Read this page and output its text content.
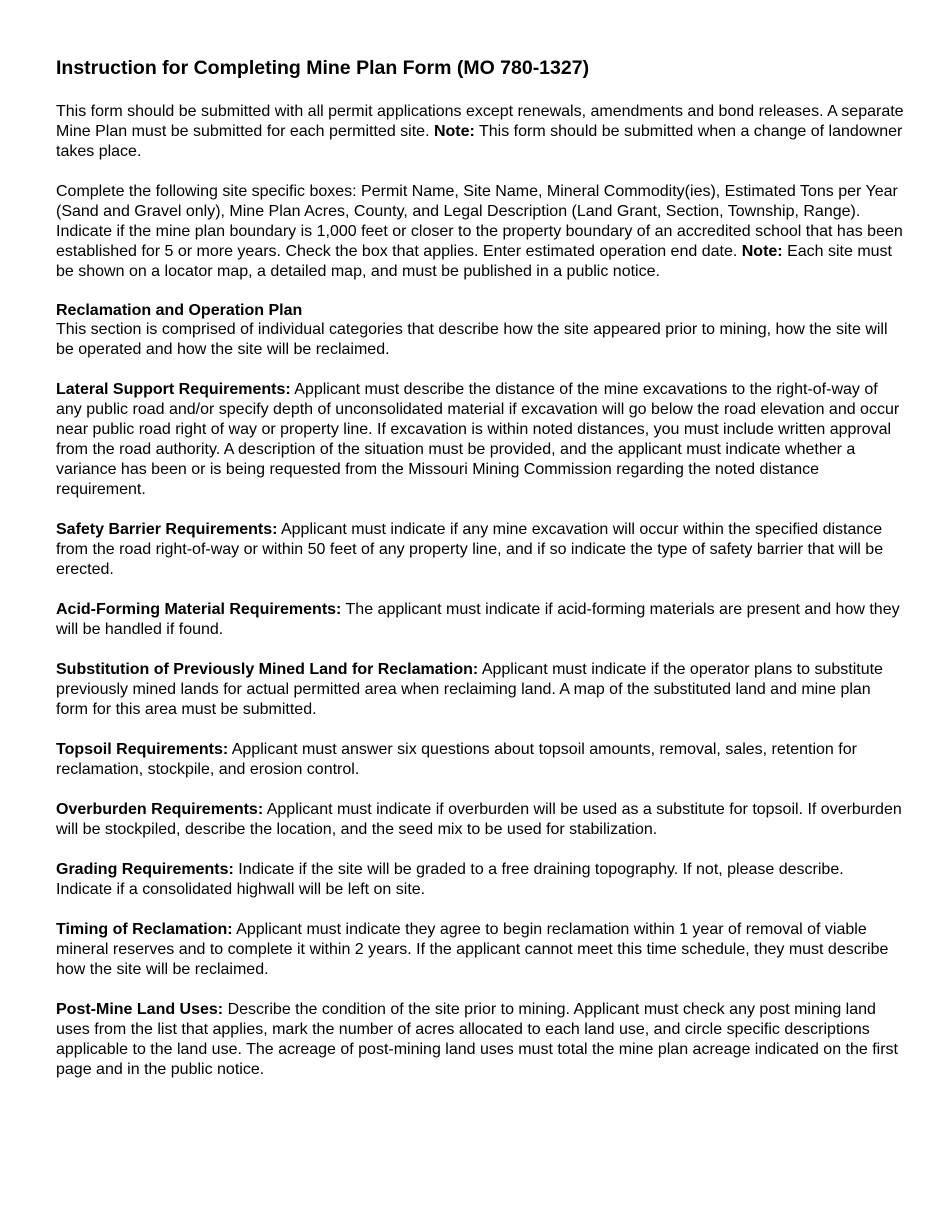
Instruction for Completing Mine Plan Form (MO 780-1327)

This form should be submitted with all permit applications except renewals, amendments and bond releases. A separate Mine Plan must be submitted for each permitted site. Note: This form should be submitted when a change of landowner takes place.

Complete the following site specific boxes: Permit Name, Site Name, Mineral Commodity(ies), Estimated Tons per Year (Sand and Gravel only), Mine Plan Acres, County, and Legal Description (Land Grant, Section, Township, Range). Indicate if the mine plan boundary is 1,000 feet or closer to the property boundary of an accredited school that has been established for 5 or more years. Check the box that applies. Enter estimated operation end date. Note: Each site must be shown on a locator map, a detailed map, and must be published in a public notice.

Reclamation and Operation Plan

This section is comprised of individual categories that describe how the site appeared prior to mining, how the site will be operated and how the site will be reclaimed.

Lateral Support Requirements: Applicant must describe the distance of the mine excavations to the right-of-way of any public road and/or specify depth of unconsolidated material if excavation will go below the road elevation and occur near public road right of way or property line. If excavation is within noted distances, you must include written approval from the road authority. A description of the situation must be provided, and the applicant must indicate whether a variance has been or is being requested from the Missouri Mining Commission regarding the noted distance requirement.

Safety Barrier Requirements: Applicant must indicate if any mine excavation will occur within the specified distance from the road right-of-way or within 50 feet of any property line, and if so indicate the type of safety barrier that will be erected.

Acid-Forming Material Requirements: The applicant must indicate if acid-forming materials are present and how they will be handled if found.

Substitution of Previously Mined Land for Reclamation: Applicant must indicate if the operator plans to substitute previously mined lands for actual permitted area when reclaiming land. A map of the substituted land and mine plan form for this area must be submitted.

Topsoil Requirements: Applicant must answer six questions about topsoil amounts, removal, sales, retention for reclamation, stockpile, and erosion control.

Overburden Requirements: Applicant must indicate if overburden will be used as a substitute for topsoil. If overburden will be stockpiled, describe the location, and the seed mix to be used for stabilization.

Grading Requirements: Indicate if the site will be graded to a free draining topography. If not, please describe. Indicate if a consolidated highwall will be left on site.

Timing of Reclamation: Applicant must indicate they agree to begin reclamation within 1 year of removal of viable mineral reserves and to complete it within 2 years. If the applicant cannot meet this time schedule, they must describe how the site will be reclaimed.

Post-Mine Land Uses: Describe the condition of the site prior to mining. Applicant must check any post mining land uses from the list that applies, mark the number of acres allocated to each land use, and circle specific descriptions applicable to the land use. The acreage of post-mining land uses must total the mine plan acreage indicated on the first page and in the public notice.
